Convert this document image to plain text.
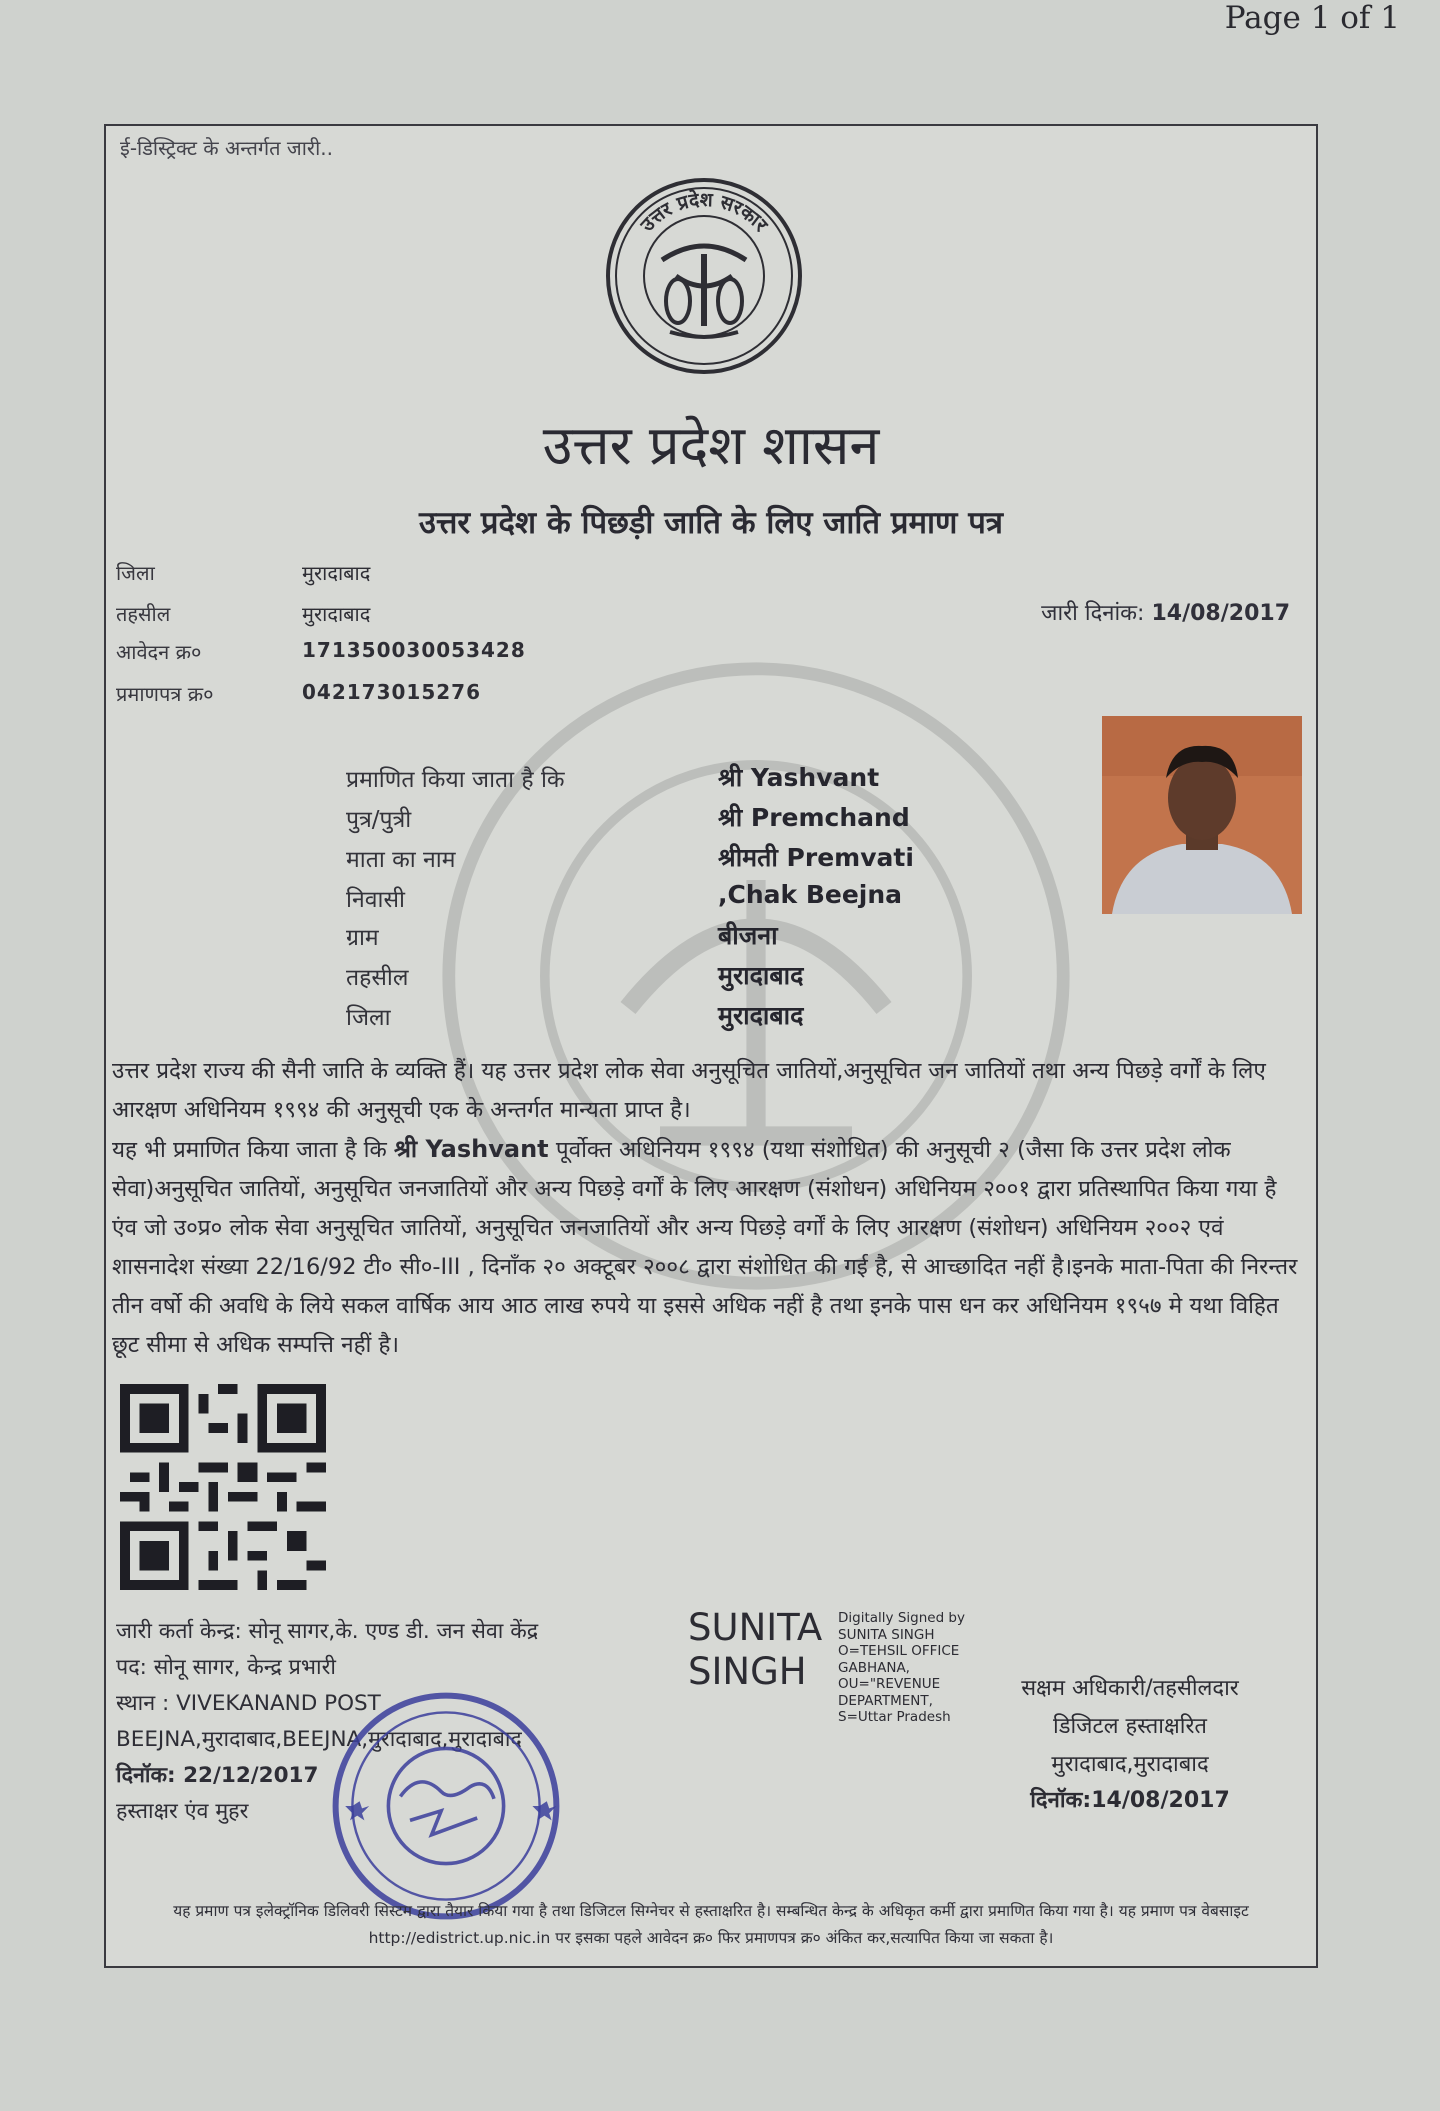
Page 1 of 1
ई-डिस्ट्रिक्ट के अन्तर्गत जारी..
उत्तर प्रदेश सरकार
उत्तर प्रदेश शासन
उत्तर प्रदेश के पिछड़ी जाति के लिए जाति प्रमाण पत्र
जिला	मुरादाबाद
तहसील	मुरादाबाद
आवेदन क्र०	171350030053428
प्रमाणपत्र क्र०	042173015276
जारी दिनांक: 14/08/2017
प्रमाणित किया जाता है कि	श्री Yashvant
पुत्र/पुत्री	श्री Premchand
माता का नाम	श्रीमती Premvati
निवासी	,Chak Beejna
ग्राम	बीजना
तहसील	मुरादाबाद
जिला	मुरादाबाद
उत्तर प्रदेश राज्य की सैनी जाति के व्यक्ति हैं। यह उत्तर प्रदेश लोक सेवा अनुसूचित जातियों,अनुसूचित जन जातियों तथा अन्य पिछड़े वर्गों के लिए आरक्षण अधिनियम १९९४ की अनुसूची एक के अन्तर्गत मान्यता प्राप्त है।
यह भी प्रमाणित किया जाता है कि श्री Yashvant पूर्वोक्त अधिनियम १९९४ (यथा संशोधित) की अनुसूची २ (जैसा कि उत्तर प्रदेश लोक सेवा)अनुसूचित जातियों, अनुसूचित जनजातियों और अन्य पिछड़े वर्गों के लिए आरक्षण (संशोधन) अधिनियम २००१ द्वारा प्रतिस्थापित किया गया है एंव जो उ०प्र० लोक सेवा अनुसूचित जातियों, अनुसूचित जनजातियों और अन्य पिछड़े वर्गों के लिए आरक्षण (संशोधन) अधिनियम २००२ एवं शासनादेश संख्या 22/16/92 टी० सी०-III , दिनाँक २० अक्टूबर २००८ द्वारा संशोधित की गई है, से आच्छादित नहीं है।इनके माता-पिता की निरन्तर तीन वर्षो की अवधि के लिये सकल वार्षिक आय आठ लाख रुपये या इससे अधिक नहीं है तथा इनके पास धन कर अधिनियम १९५७ मे यथा विहित छूट सीमा से अधिक सम्पत्ति नहीं है।
जारी कर्ता केन्द्र: सोनू सागर,के. एण्ड डी. जन सेवा केंद्र
पद: सोनू सागर, केन्द्र प्रभारी
स्थान : VIVEKANAND POST
BEEJNA,मुरादाबाद,BEEJNA,मुरादाबाद,मुरादाबाद
दिनॉक: 22/12/2017
हस्ताक्षर एंव मुहर
SUNITA
SINGH
Digitally Signed by
SUNITA SINGH
O=TEHSIL OFFICE
GABHANA,
OU="REVENUE
DEPARTMENT,
S=Uttar Pradesh
सक्षम अधिकारी/तहसीलदार
डिजिटल हस्ताक्षरित
मुरादाबाद,मुरादाबाद
दिनॉक:14/08/2017
यह प्रमाण पत्र इलेक्ट्रॉनिक डिलिवरी सिस्टम द्वारा तैयार किया गया है तथा डिजिटल सिग्नेचर से हस्ताक्षरित है। सम्बन्धित केन्द्र के अधिकृत कर्मी द्वारा प्रमाणित किया गया है। यह प्रमाण पत्र वेबसाइट http://edistrict.up.nic.in पर इसका पहले आवेदन क्र० फिर प्रमाणपत्र क्र० अंकित कर,सत्यापित किया जा सकता है।
